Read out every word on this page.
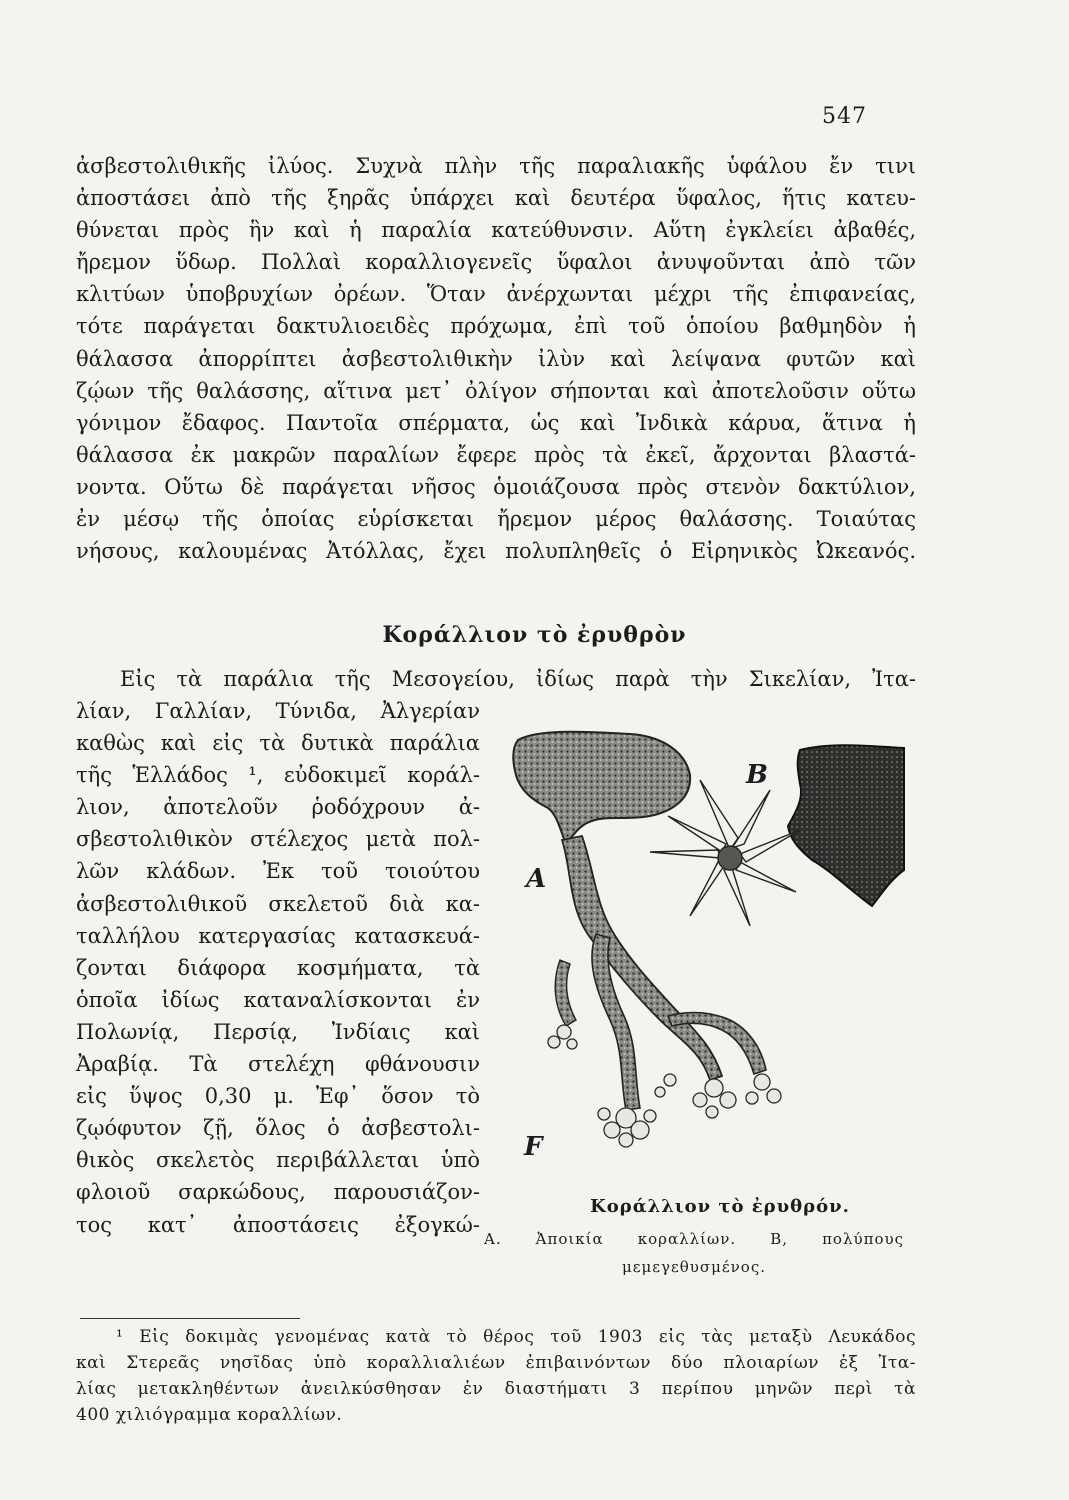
547
ἀσβεστολιθικῆς ἰλύος. Συχνὰ πλὴν τῆς παραλιακῆς ὑφάλου ἔν τινι
ἀποστάσει ἀπὸ τῆς ξηρᾶς ὑπάρχει καὶ δευτέρα ὕφαλος, ἥτις κατευ-
θύνεται πρὸς ἣν καὶ ἡ παραλία κατεύθυνσιν. Αὕτη ἐγκλείει ἀβαθές,
ἤρεμον ὕδωρ. Πολλαὶ κοραλλιογενεῖς ὕφαλοι ἀνυψοῦνται ἀπὸ τῶν
κλιτύων ὑποβρυχίων ὀρέων. Ὅταν ἀνέρχωνται μέχρι τῆς ἐπιφανείας,
τότε παράγεται δακτυλιοειδὲς πρόχωμα, ἐπὶ τοῦ ὁποίου βαθμηδὸν ἡ
θάλασσα ἀπορρίπτει ἀσβεστολιθικὴν ἰλὺν καὶ λείψανα φυτῶν καὶ
ζῴων τῆς θαλάσσης, αἵτινα μετ᾽ ὀλίγον σήπονται καὶ ἀποτελοῦσιν οὕτω
γόνιμον ἔδαφος. Παντοῖα σπέρματα, ὡς καὶ Ἰνδικὰ κάρυα, ἅτινα ἡ
θάλασσα ἐκ μακρῶν παραλίων ἔφερε πρὸς τὰ ἐκεῖ, ἄρχονται βλαστά-
νοντα. Οὕτω δὲ παράγεται νῆσος ὁμοιάζουσα πρὸς στενὸν δακτύλιον,
ἐν μέσῳ τῆς ὁποίας εὑρίσκεται ἤρεμον μέρος θαλάσσης. Τοιαύτας
νήσους, καλουμένας Ἀτόλλας, ἔχει πολυπληθεῖς ὁ Εἰρηνικὸς Ὠκεανός.
Κοράλλιον τὸ ἐρυθρὸν
Εἰς τὰ παράλια τῆς Μεσογείου, ἰδίως παρὰ τὴν Σικελίαν, Ἰτα-
λίαν, Γαλλίαν, Τύνιδα, Ἀλγερίαν
καθὼς καὶ εἰς τὰ δυτικὰ παράλια
τῆς Ἑλλάδος ¹, εὐδοκιμεῖ κοράλ-
λιον, ἀποτελοῦν ῥοδόχρουν ἀ-
σβεστολιθικὸν στέλεχος μετὰ πολ-
λῶν κλάδων. Ἐκ τοῦ τοιούτου
ἀσβεστολιθικοῦ σκελετοῦ διὰ κα-
ταλλήλου κατεργασίας κατασκευά-
ζονται διάφορα κοσμήματα, τὰ
ὁποῖα ἰδίως καταναλίσκονται ἐν
Πολωνίᾳ, Περσίᾳ, Ἰνδίαις καὶ
Ἀραβίᾳ. Τὰ στελέχη φθάνουσιν
εἰς ὕψος 0,30 μ. Ἐφ᾽ ὅσον τὸ
ζῳόφυτον ζῇ, ὅλος ὁ ἀσβεστολι-
θικὸς σκελετὸς περιβάλλεται ὑπὸ
φλοιοῦ σαρκώδους, παρουσιάζον-
τος κατ᾽ ἀποστάσεις ἐξογκώ-
B
A
F
Κοράλλιον τὸ ἐρυθρόν.
Α. Ἀποικία κοραλλίων. Β, πολύπους
μεμεγεθυσμένος.
¹ Εἰς δοκιμὰς γενομένας κατὰ τὸ θέρος τοῦ 1903 εἰς τὰς μεταξὺ Λευκάδος
καὶ Στερεᾶς νησῖδας ὑπὸ κοραλλιαλιέων ἐπιβαινόντων δύο πλοιαρίων ἐξ Ἰτα-
λίας μετακληθέντων ἀνειλκύσθησαν ἐν διαστήματι 3 περίπου μηνῶν περὶ τὰ
400 χιλιόγραμμα κοραλλίων.
